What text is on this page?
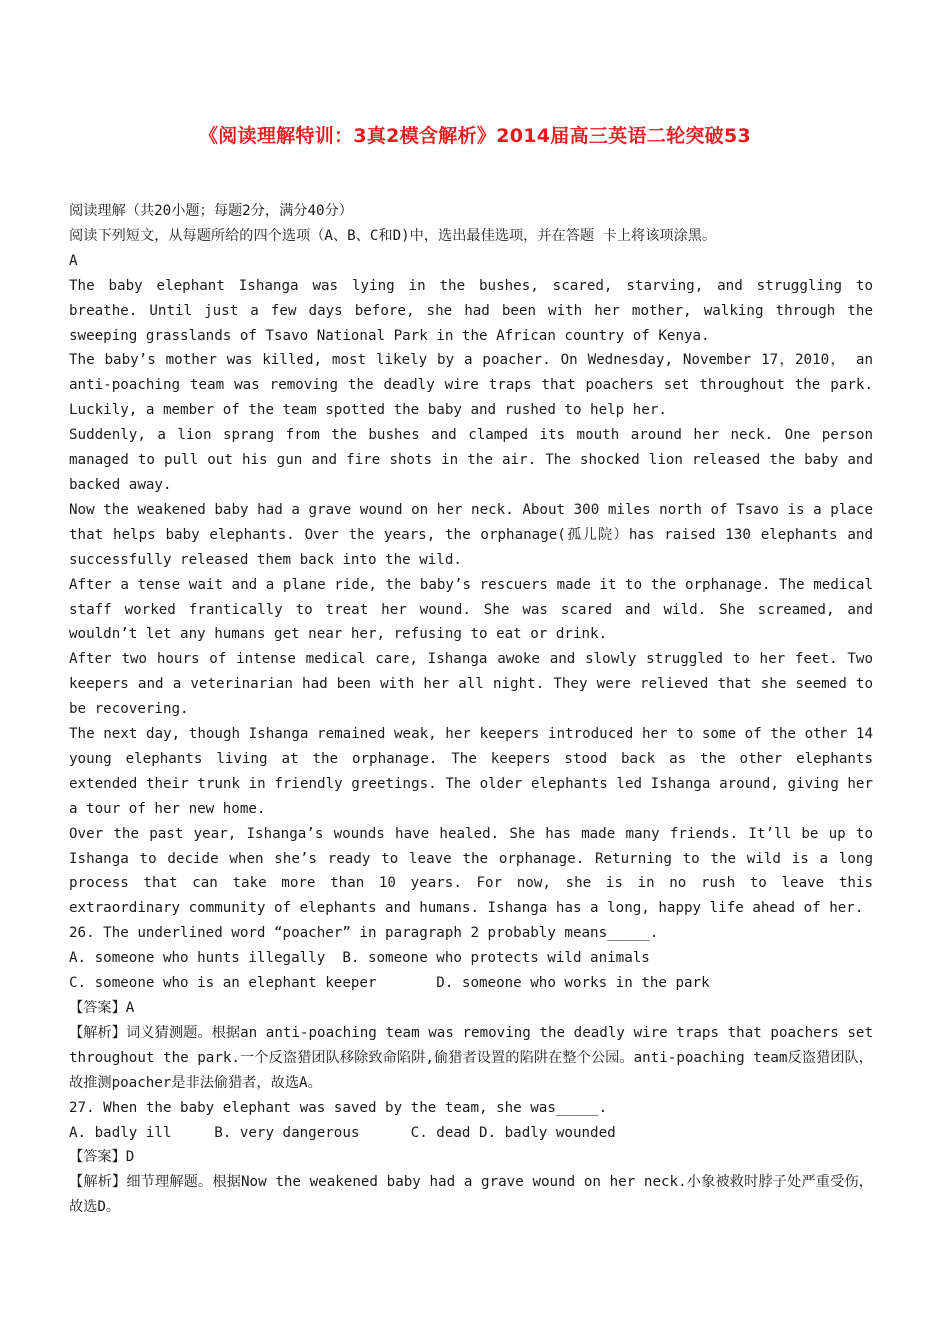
《阅读理解特训：3真2模含解析》2014届高三英语二轮突破53

阅读理解（共20小题；每题2分，满分40分）

阅读下列短文，从每题所给的四个选项（A、B、C和D)中，选出最佳选项，并在答题 卡上将该项涂黑。

A

The baby elephant Ishanga was lying in the bushes, scared, starving, and struggling to breathe. Until just a few days before, she had been with her mother, walking through the sweeping grasslands of Tsavo National Park in the African country of Kenya.

The baby’s mother was killed, most likely by a poacher. On Wednesday, November 17，2010， an anti-poaching team was removing the deadly wire traps that poachers set throughout the park. Luckily, a member of the team spotted the baby and rushed to help her.

Suddenly, a lion sprang from the bushes and clamped its mouth around her neck. One person managed to pull out his gun and fire shots in the air. The shocked lion released the baby and backed away.

Now the weakened baby had a grave wound on her neck. About 300 miles north of Tsavo is a place that helps baby elephants. Over the years, the orphanage(孤儿院）has raised 130 elephants and successfully released them back into the wild.

After a tense wait and a plane ride, the baby’s rescuers made it to the orphanage. The medical staff worked frantically to treat her wound. She was scared and wild. She screamed, and wouldn’t let any humans get near her, refusing to eat or drink.

After two hours of intense medical care, Ishanga awoke and slowly struggled to her feet. Two keepers and a veterinarian had been with her all night. They were relieved that she seemed to be recovering.

The next day, though Ishanga remained weak, her keepers introduced her to some of the other 14 young elephants living at the orphanage. The keepers stood back as the other elephants extended their trunk in friendly greetings. The older elephants led Ishanga around, giving her a tour of her new home.

Over the past year, Ishanga’s wounds have healed. She has made many friends. It’ll be up to Ishanga to decide when she’s ready to leave the orphanage. Returning to the wild is a long process that can take more than 10 years. For now, she is in no rush to leave this extraordinary community of elephants and humans. Ishanga has a long, happy life ahead of her.

26. The underlined word “poacher” in paragraph 2 probably means_____.

A. someone who hunts illegally  B. someone who protects wild animals

C. someone who is an elephant keeper       D. someone who works in the park

【答案】A

【解析】词义猜测题。根据an anti-poaching team was removing the deadly wire traps that poachers set throughout the park.一个反盗猎团队移除致命陷阱,偷猎者设置的陷阱在整个公园。anti-poaching team反盗猎团队，故推测poacher是非法偷猎者，故选A。

27. When the baby elephant was saved by the team, she was_____.

A. badly ill     B. very dangerous      C. dead D. badly wounded

【答案】D

【解析】细节理解题。根据Now the weakened baby had a grave wound on her neck.小象被救时脖子处严重受伤，故选D。
